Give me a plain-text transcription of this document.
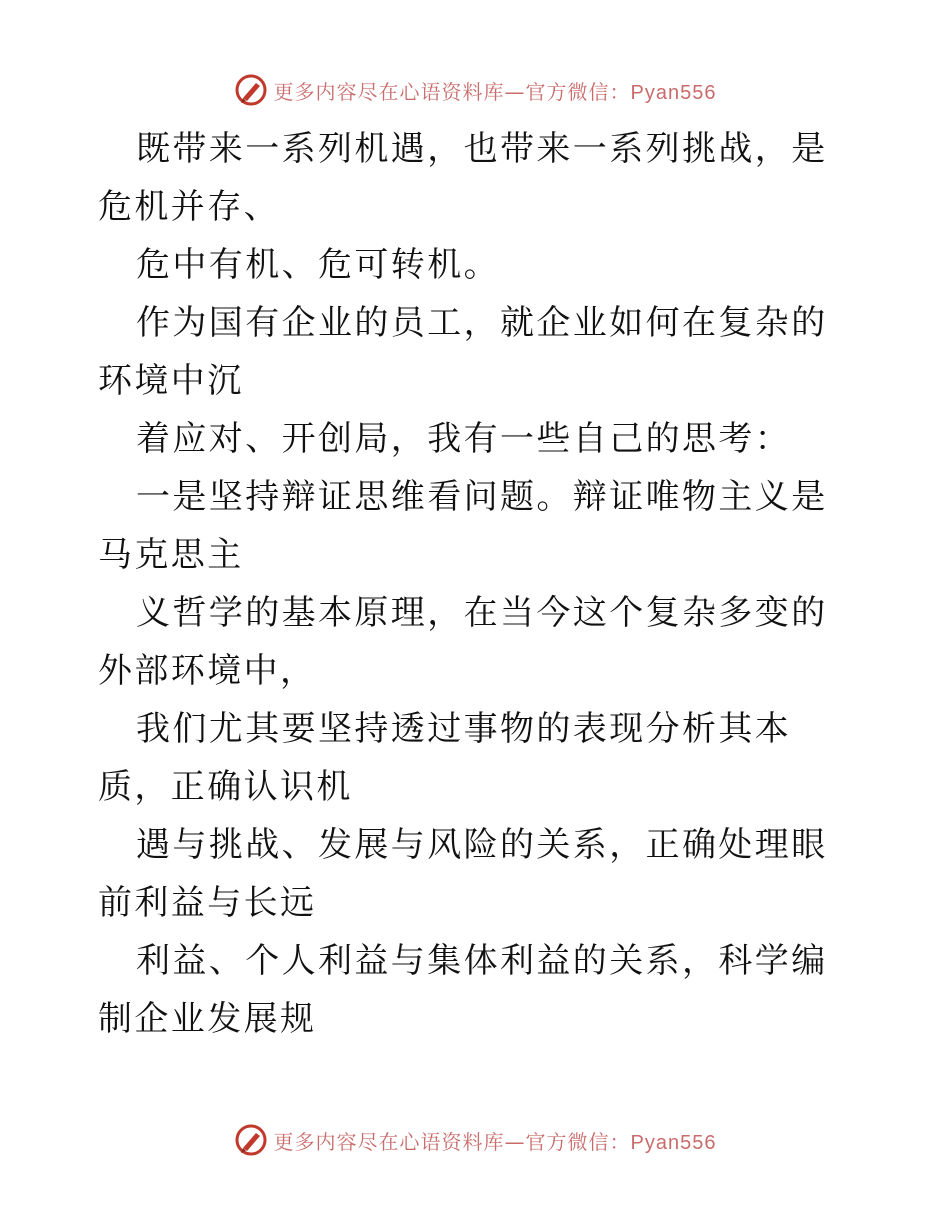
更多内容尽在心语资料库—官方微信：Pyan556

既带来一系列机遇，也带来一系列挑战，是危机并存、

危中有机、危可转机。

作为国有企业的员工，就企业如何在复杂的环境中沉

着应对、开创局，我有一些自己的思考：

一是坚持辩证思维看问题。辩证唯物主义是马克思主

义哲学的基本原理，在当今这个复杂多变的外部环境中，

我们尤其要坚持透过事物的表现分析其本质，正确认识机

遇与挑战、发展与风险的关系，正确处理眼前利益与长远

利益、个人利益与集体利益的关系，科学编制企业发展规

更多内容尽在心语资料库—官方微信：Pyan556
